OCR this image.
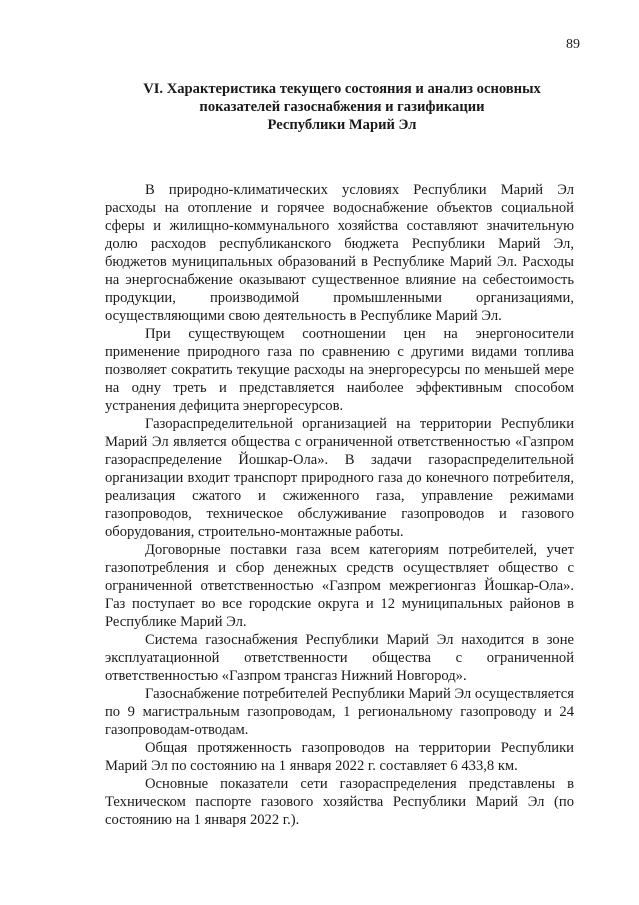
89
VI. Характеристика текущего состояния и анализ основных
показателей газоснабжения и газификации
Республики Марий Эл

В природно-климатических условиях Республики Марий Эл расходы на отопление и горячее водоснабжение объектов социальной сферы и жилищно-коммунального хозяйства составляют значительную долю расходов республиканского бюджета Республики Марий Эл, бюджетов муниципальных образований в Республике Марий Эл. Расходы на энергоснабжение оказывают существенное влияние на себестоимость продукции, производимой промышленными организациями, осуществляющими свою деятельность в Республике Марий Эл.

При существующем соотношении цен на энергоносители применение природного газа по сравнению с другими видами топлива позволяет сократить текущие расходы на энергоресурсы по меньшей мере на одну треть и представляется наиболее эффективным способом устранения дефицита энергоресурсов.

Газораспределительной организацией на территории Республики Марий Эл является общества с ограниченной ответственностью «Газпром газораспределение Йошкар-Ола». В задачи газораспределительной организации входит транспорт природного газа до конечного потребителя, реализация сжатого и сжиженного газа, управление режимами газопроводов, техническое обслуживание газопроводов и газового оборудования, строительно-монтажные работы.

Договорные поставки газа всем категориям потребителей, учет газопотребления и сбор денежных средств осуществляет общество с ограниченной ответственностью «Газпром межрегионгаз Йошкар-Ола». Газ поступает во все городские округа и 12 муниципальных районов в Республике Марий Эл.

Система газоснабжения Республики Марий Эл находится в зоне эксплуатационной ответственности общества с ограниченной ответственностью «Газпром трансгаз Нижний Новгород».

Газоснабжение потребителей Республики Марий Эл осуществляется по 9 магистральным газопроводам, 1 региональному газопроводу и 24 газопроводам-отводам.

Общая протяженность газопроводов на территории Республики Марий Эл по состоянию на 1 января 2022 г. составляет 6 433,8 км.

Основные показатели сети газораспределения представлены в Техническом паспорте газового хозяйства Республики Марий Эл (по состоянию на 1 января 2022 г.).
